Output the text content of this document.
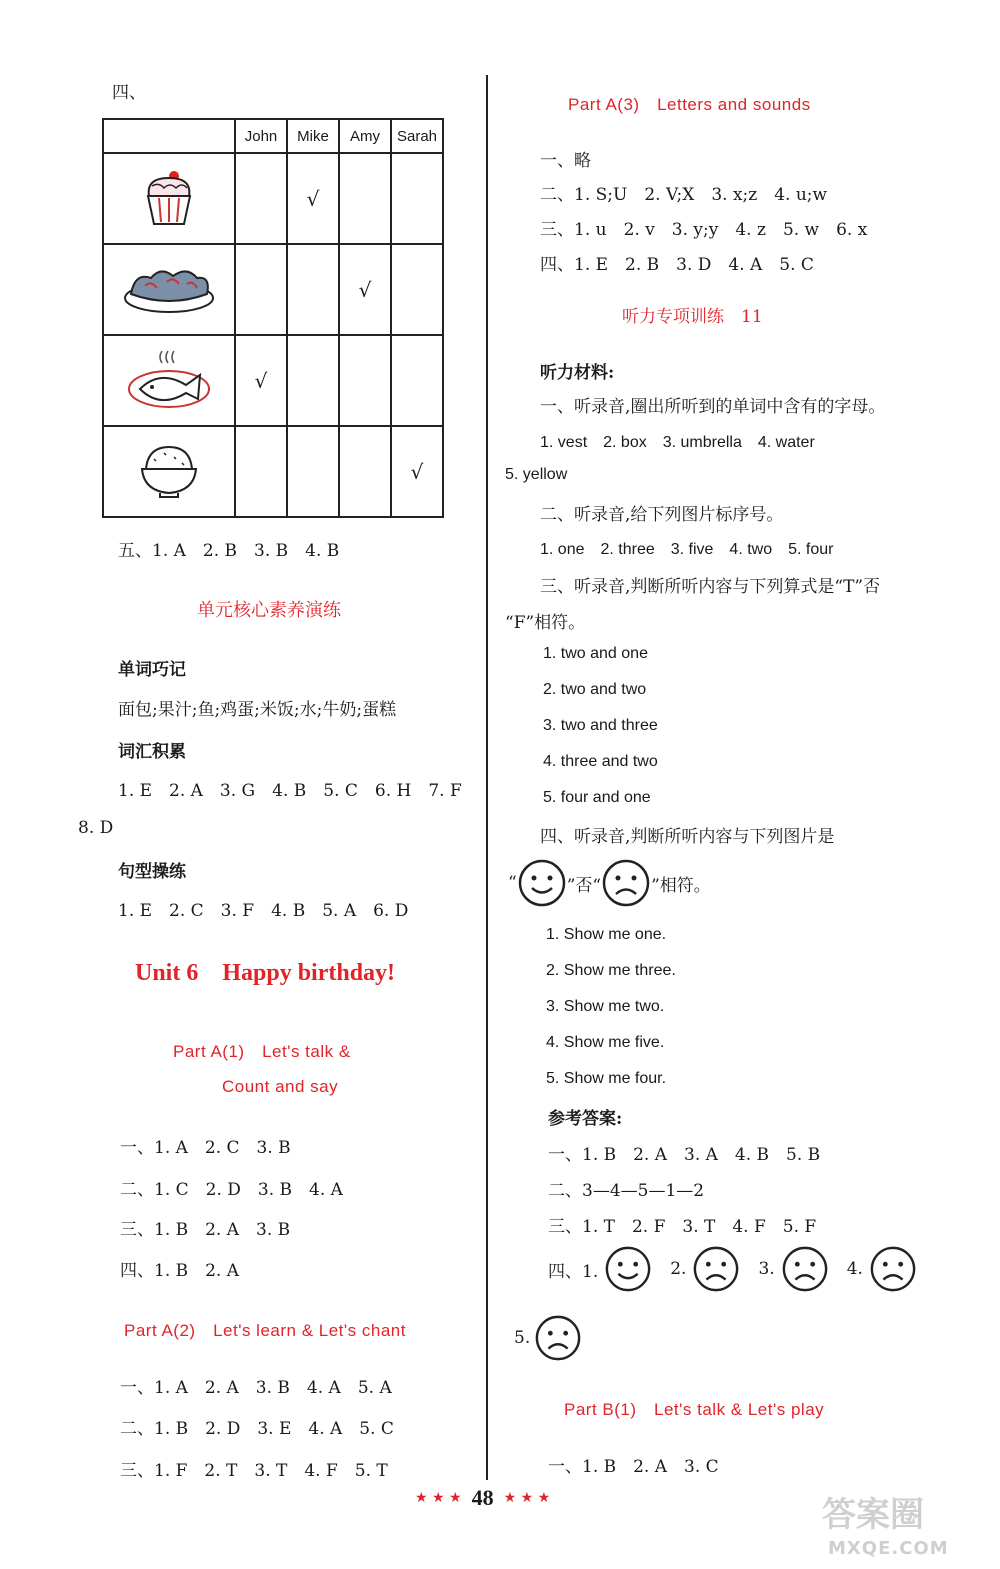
四、
	John	Mike	Amy	Sarah
		√		
			√	
	√			
				√
五、1. A　2. B　3. B　4. B
单元核心素养演练
单词巧记
面包;果汁;鱼;鸡蛋;米饭;水;牛奶;蛋糕
词汇积累
1. E　2. A　3. G　4. B　5. C　6. H　7. F
8. D
句型操练
1. E　2. C　3. F　4. B　5. A　6. D
Unit 6　Happy birthday!
Part A(1)　Let's talk &
Count and say
一、1. A　2. C　3. B
二、1. C　2. D　3. B　4. A
三、1. B　2. A　3. B
四、1. B　2. A
Part A(2)　Let's learn & Let's chant
一、1. A　2. A　3. B　4. A　5. A
二、1. B　2. D　3. E　4. A　5. C
三、1. F　2. T　3. T　4. F　5. T
Part A(3)　Letters and sounds
一、略
二、1. S;U　2. V;X　3. x;z　4. u;w
三、1. u　2. v　3. y;y　4. z　5. w　6. x
四、1. E　2. B　3. D　4. A　5. C
听力专项训练　11
听力材料:
一、听录音,圈出所听到的单词中含有的字母。
1. vest　2. box　3. umbrella　4. water
5. yellow
二、听录音,给下列图片标序号。
1. one　2. three　3. five　4. two　5. four
三、听录音,判断所听内容与下列算式是“T”否
“F”相符。
1. two and one
2. two and two
3. two and three
4. three and two
5. four and one
四、听录音,判断所听内容与下列图片是
“	”否“	”相符。
1. Show me one.
2. Show me three.
3. Show me two.
4. Show me five.
5. Show me four.
参考答案:
一、1. B　2. A　3. A　4. B　5. B
二、3—4—5—1—2
三、1. T　2. F　3. T　4. F　5. F
四、1.	2.	3.	4.
5.
Part B(1)　Let's talk & Let's play
一、1. B　2. A　3. C
★ ★ ★ 48 ★ ★ ★	答案圈
MXQE.COM
